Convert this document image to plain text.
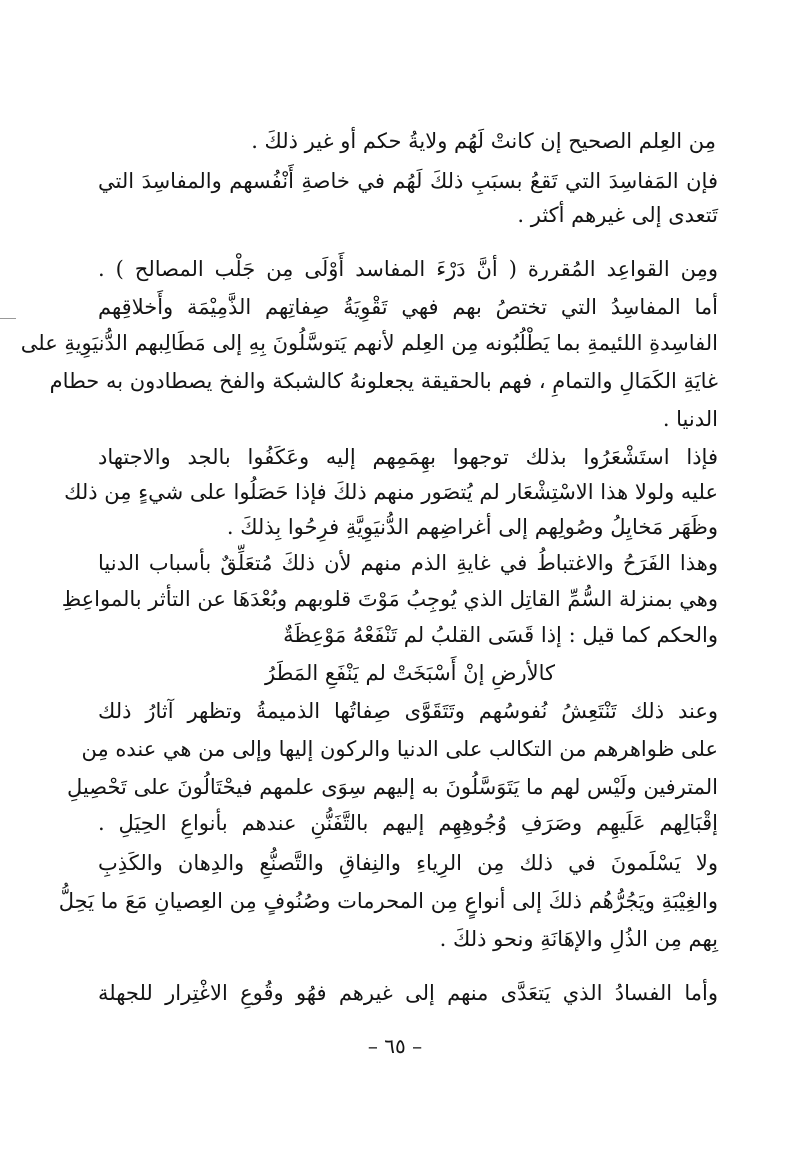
مِن العِلم الصحيح إن كانتْ لَهُم ولايةُ حكم أو غير ذلكَ .
فإن المَفاسِدَ التي تَقعُ بسبَبِ ذلكَ لَهُم في خاصةِ أَنْفُسهم والمفاسِدَ التي
تَتعدى إلى غيرهم أكثر .
ومِن القواعِد المُقررة ( أنَّ دَرْءَ المفاسد أَوْلَى مِن جَلْب المصالح ) .
أما المفاسِدُ التي تختصُ بهم فهي تَقْوِيَةُ صِفاتِهم الذَّمِيْمَة وأَخلاقِهم
الفاسِدةِ اللئيمةِ بما يَطْلُبُونه مِن العِلم لأنهم يَتوسَّلُونَ بِهِ إلى مَطَالِبهم الدُّنيَوِيةِ على
غايَةِ الكَمَالِ والتمامِ ، فهم بالحقيقة يجعلونهُ كالشبكة والفخ يصطادون به حطام
الدنيا .
فإذا استَشْعَرُوا بذلك توجهوا بهِمَمِهم إليه وعَكَفُوا بالجد والاجتهاد
عليه ولولا هذا الاسْتِشْعَار لم يُتصَور منهم ذلكَ فإذا حَصَلُوا على شيءٍ مِن ذلك
وظَهَر مَخايِلُ وصُولِهم إلى أغراضِهم الدُّنيَوِيَّةِ فرِحُوا بِذلكَ .
وهذا الفَرَحُ والاغتباطُ في غايةِ الذم منهم لأن ذلكَ مُتعَلِّقٌ بأسباب الدنيا
وهي بمنزلة السُّمِّ القاتِل الذي يُوجِبُ مَوْتَ قلوبهم وبُعْدَهَا عن التأثر بالمواعِظِ
والحكم كما قيل : إذا قَسَى القلبُ لم تَنْفَعْهُ مَوْعِظَةٌ
كالأرضِ إنْ أَسْبَخَتْ لم يَنْفَعِ المَطَرُ
وعند ذلك تَنْتَعِشُ نُفوسُهم وتَتَقَوَّى صِفاتُها الذميمةُ وتظهر آثارُ ذلك
على ظواهرهم من التكالب على الدنيا والركون إليها وإلى من هي عنده مِن
المترفين ولَيْس لهم ما يَتَوَسَّلُونَ به إليهم سِوَى علمهم فيحْتَالُونَ على تَحْصِيلِ
إقْبَالِهم عَلَيهِم وصَرَفِ وُجُوهِهِم إليهم بالتَّفَنُّنِ عندهم بأنواعِ الحِيَلِ .
ولا يَسْلَمونَ في ذلك مِن الرِياءِ والنِفاقِ والتَّصنُّعِ والدِهان والكَذِبِ
والغِيْبَةِ ويَجُرُّهُم ذلكَ إلى أنواعٍ مِن المحرمات وصُنُوفٍ مِن العِصيانِ مَعَ ما يَحِلُّ
بِهم مِن الذُلِ والإهَانَةِ ونحو ذلكَ .
وأما الفسادُ الذي يَتعَدَّى منهم إلى غيرهم فهُو وقُوعِ الاغْتِرار للجهلة
– ٦٥ –
